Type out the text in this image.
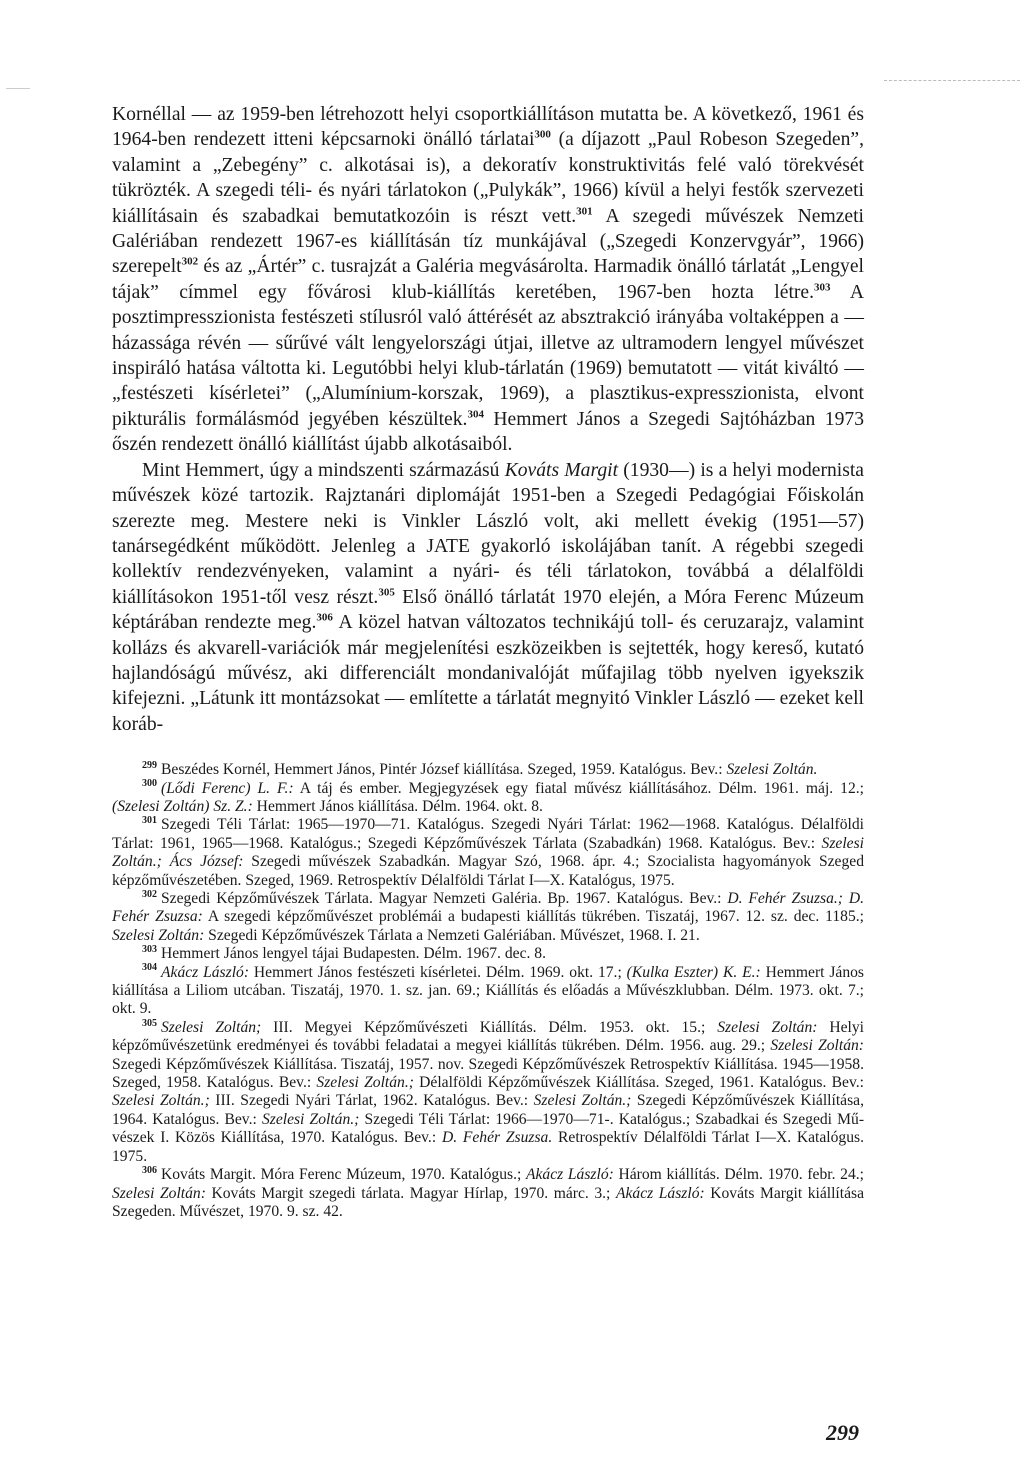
Kornéllal — az 1959-ben létrehozott helyi csoportkiállításon mutatta be. A következő, 1961 és 1964-ben rendezett itteni képcsarnoki önálló tárlatai$^{300}$ (a díjazott „Paul Robeson Szegeden”, valamint a „Zebegény” c. alkotásai is), a dekoratív konstruktivitás felé való törekvését tükrözték. A szegedi téli- és nyári tárlatokon („Pulykák”, 1966) kívül a helyi festők szervezeti kiállításain és szabadkai bemutatkozóin is részt vett.$^{301}$ A szegedi művészek Nemzeti Galériában rendezett 1967-es kiállításán tíz munkájával („Szegedi Konzervgyár”, 1966) szerepelt$^{302}$ és az „Ártér” c. tusrajzát a Galéria megvásárolta. Harmadik önálló tárlatát „Lengyel tájak” címmel egy fővárosi klub-kiállítás keretében, 1967-ben hozta létre.$^{303}$ A posztimpresszionista festészeti stílusról való áttérését az absztrakció irányába voltaképpen a — házassága révén — sűrűvé vált lengyelországi útjai, illetve az ultramodern lengyel művészet inspiráló hatása váltotta ki. Legutóbbi helyi klub-tárlatán (1969) bemutatott — vitát kiváltó — „festészeti kísérletei” („Alumínium-korszak, 1969), a plasztikus-expresszionista, elvont pikturális formálásmód jegyében készültek.$^{304}$ Hemmert János a Szegedi Sajtóházban 1973 őszén rendezett önálló kiállítást újabb alkotásaiból.

Mint Hemmert, úgy a mindszenti származású Kováts Margit (1930—) is a helyi modernista művészek közé tartozik. Rajztanári diplomáját 1951-ben a Szegedi Pedagógiai Főiskolán szerezte meg. Mestere neki is Vinkler László volt, aki mellett évekig (1951—57) tanársegédként működött. Jelenleg a JATE gyakorló iskolájában tanít. A régebbi szegedi kollektív rendezvényeken, valamint a nyári- és téli tárlatokon, továbbá a délalföldi kiállításokon 1951-től vesz részt.$^{305}$ Első önálló tárlatát 1970 elején, a Móra Ferenc Múzeum képtárában rendezte meg.$^{306}$ A közel hatvan változatos technikájú toll- és ceruzarajz, valamint kollázs és akvarell-variációk már megjelenítési eszközeikben is sejtették, hogy kereső, kutató hajlandóságú művész, aki differenciált mondanivalóját műfajilag több nyelven igyekszik kifejezni. „Látunk itt montázsokat — említette a tárlatát megnyitó Vinkler László — ezeket kell koráb-

$^{299}$ Beszédes Kornél, Hemmert János, Pintér József kiállítása. Szeged, 1959. Katalógus. Bev.: Szelesi Zoltán.

$^{300}$ (Lődi Ferenc) L. F.: A táj és ember. Megjegyzések egy fiatal művész kiállításához. Délm. 1961. máj. 12.; (Szelesi Zoltán) Sz. Z.: Hemmert János kiállítása. Délm. 1964. okt. 8.

$^{301}$ Szegedi Téli Tárlat: 1965—1970—71. Katalógus. Szegedi Nyári Tárlat: 1962—1968. Katalógus. Délalföldi Tárlat: 1961, 1965—1968. Katalógus.; Szegedi Képzőművészek Tárlata (Szabadkán) 1968. Katalógus. Bev.: Szelesi Zoltán.; Ács József: Szegedi művészek Szabadkán. Magyar Szó, 1968. ápr. 4.; Szocialista hagyományok Szeged képzőművészetében. Szeged, 1969. Retrospektív Délalföldi Tárlat I—X. Katalógus, 1975.

$^{302}$ Szegedi Képzőművészek Tárlata. Magyar Nemzeti Galéria. Bp. 1967. Katalógus. Bev.: D. Fehér Zsuzsa.; D. Fehér Zsuzsa: A szegedi képzőművészet problémái a budapesti kiállítás tükrében. Tiszatáj, 1967. 12. sz. dec. 1185.; Szelesi Zoltán: Szegedi Képzőművészek Tárlata a Nemzeti Galériában. Művészet, 1968. I. 21.

$^{303}$ Hemmert János lengyel tájai Budapesten. Délm. 1967. dec. 8.

$^{304}$ Akácz László: Hemmert János festészeti kísérletei. Délm. 1969. okt. 17.; (Kulka Eszter) K. E.: Hemmert János kiállítása a Liliom utcában. Tiszatáj, 1970. 1. sz. jan. 69.; Kiállítás és előadás a Művészklubban. Délm. 1973. okt. 7.; okt. 9.

$^{305}$ Szelesi Zoltán; III. Megyei Képzőművészeti Kiállítás. Délm. 1953. okt. 15.; Szelesi Zoltán: Helyi képzőművészetünk eredményei és további feladatai a megyei kiállítás tükrében. Délm. 1956. aug. 29.; Szelesi Zoltán: Szegedi Képzőművészek Kiállítása. Tiszatáj, 1957. nov. Szegedi Képzőművészek Retrospektív Kiállítása. 1945—1958. Szeged, 1958. Katalógus. Bev.: Szelesi Zoltán.; Délalföldi Képzőművészek Kiállítása. Szeged, 1961. Katalógus. Bev.: Szelesi Zoltán.; III. Szegedi Nyári Tárlat, 1962. Katalógus. Bev.: Szelesi Zoltán.; Szegedi Képzőművészek Kiállítása, 1964. Katalógus. Bev.: Szelesi Zoltán.; Szegedi Téli Tárlat: 1966—1970—71-. Katalógus.; Szabadkai és Szegedi Művészek I. Közös Kiállítása, 1970. Katalógus. Bev.: D. Fehér Zsuzsa. Retrospektív Délalföldi Tárlat I—X. Katalógus. 1975.

$^{306}$ Kováts Margit. Móra Ferenc Múzeum, 1970. Katalógus.; Akácz László: Három kiállítás. Délm. 1970. febr. 24.; Szelesi Zoltán: Kováts Margit szegedi tárlata. Magyar Hírlap, 1970. márc. 3.; Akácz László: Kováts Margit kiállítása Szegeden. Művészet, 1970. 9. sz. 42.

299
